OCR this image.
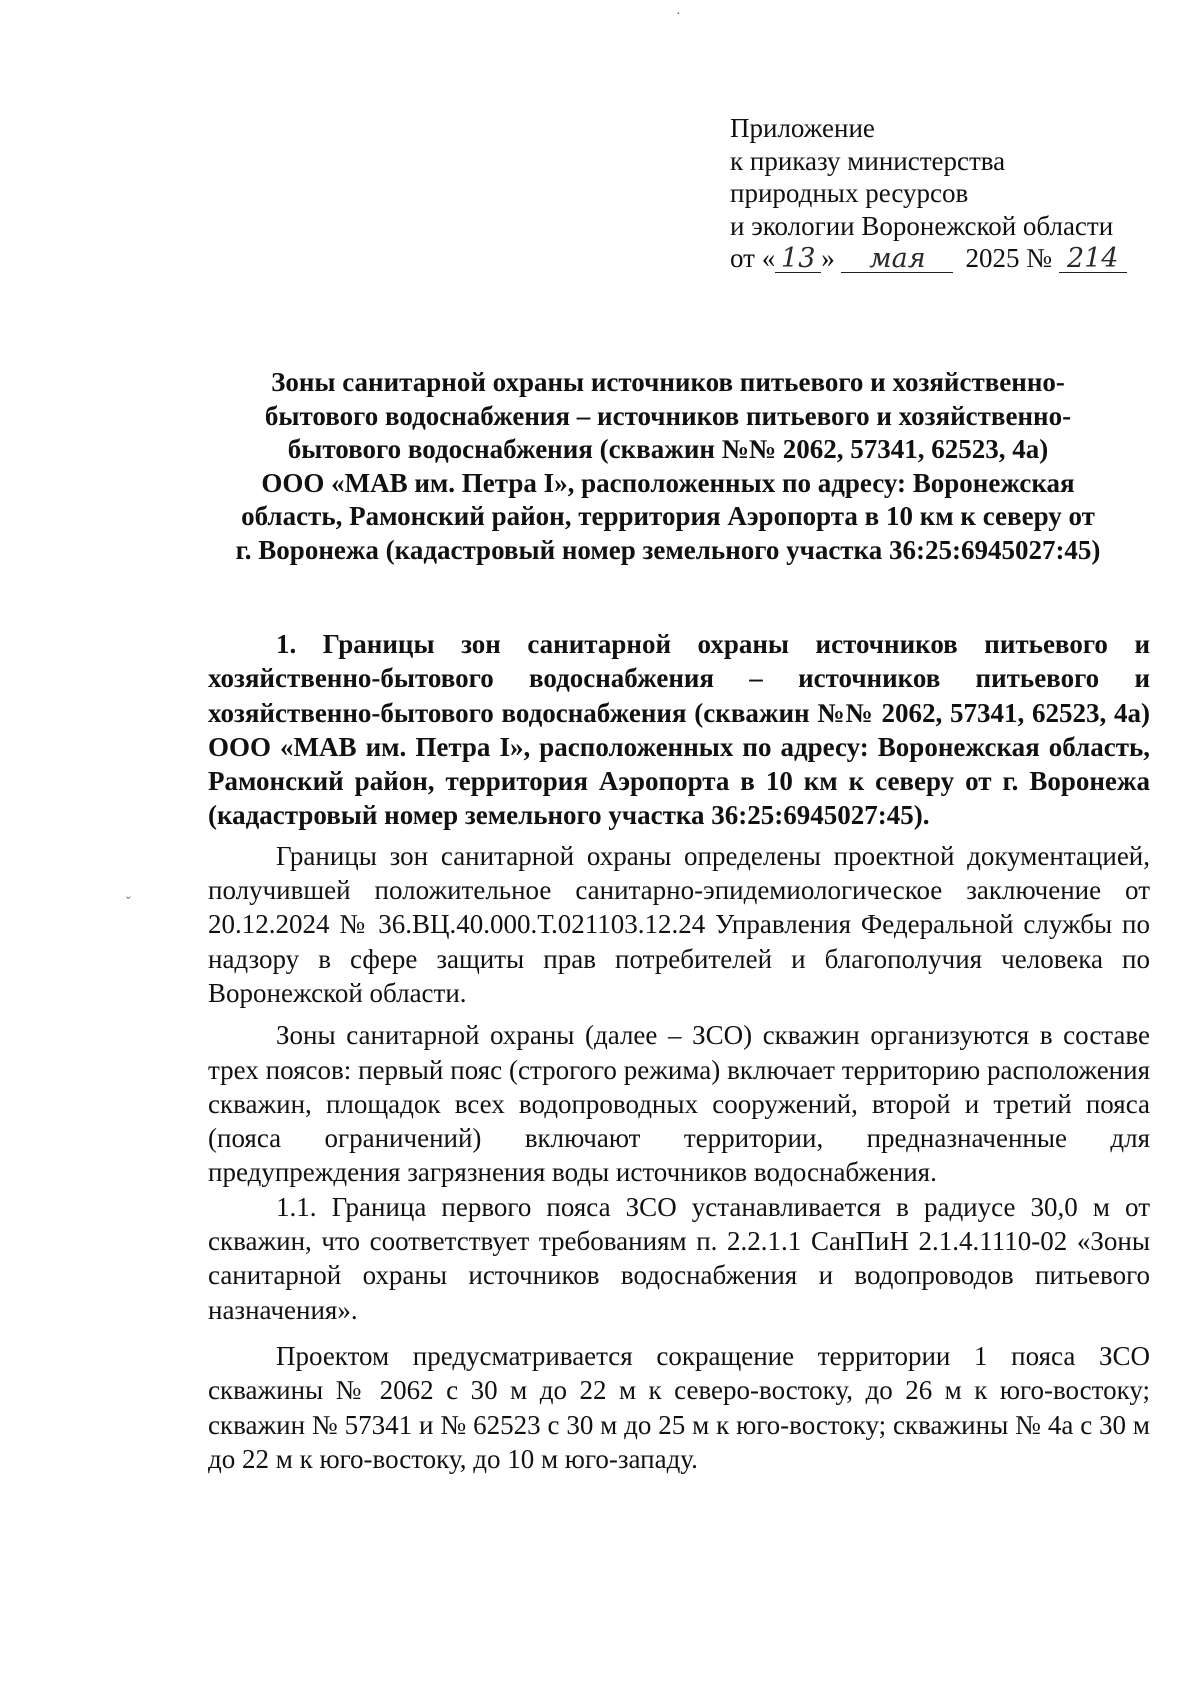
·
ˇ
Приложение
к приказу министерства
природных ресурсов
и экологии Воронежской области
от « 13 » мая 2025 № 214
Зоны санитарной охраны источников питьевого и хозяйственно-
бытового водоснабжения – источников питьевого и хозяйственно-
бытового водоснабжения (скважин №№ 2062, 57341, 62523, 4а)
ООО «МАВ им. Петра I», расположенных по адресу: Воронежская
область, Рамонский район, территория Аэропорта в 10 км к северу от
г. Воронежа (кадастровый номер земельного участка 36:25:6945027:45)

1. Границы зон санитарной охраны источников питьевого и хозяйственно-бытового водоснабжения – источников питьевого и хозяйственно-бытового водоснабжения (скважин №№ 2062, 57341, 62523, 4а) ООО «МАВ им. Петра I», расположенных по адресу: Воронежская область, Рамонский район, территория Аэропорта в 10 км к северу от г. Воронежа (кадастровый номер земельного участка 36:25:6945027:45).

Границы зон санитарной охраны определены проектной документацией, получившей положительное санитарно-эпидемиологическое заключение от 20.12.2024 № 36.ВЦ.40.000.Т.021103.12.24 Управления Федеральной службы по надзору в сфере защиты прав потребителей и благополучия человека по Воронежской области.

Зоны санитарной охраны (далее – ЗСО) скважин организуются в составе трех поясов: первый пояс (строгого режима) включает территорию расположения скважин, площадок всех водопроводных сооружений, второй и третий пояса (пояса ограничений) включают территории, предназначенные для предупреждения загрязнения воды источников водоснабжения.

1.1. Граница первого пояса ЗСО устанавливается в радиусе 30,0 м от скважин, что соответствует требованиям п. 2.2.1.1 СанПиН 2.1.4.1110-02 «Зоны санитарной охраны источников водоснабжения и водопроводов питьевого назначения».

Проектом предусматривается сокращение территории 1 пояса ЗСО скважины № 2062 с 30 м до 22 м к северо-востоку, до 26 м к юго-востоку; скважин № 57341 и № 62523 с 30 м до 25 м к юго-востоку; скважины № 4а с 30 м до 22 м к юго-востоку, до 10 м юго-западу.
